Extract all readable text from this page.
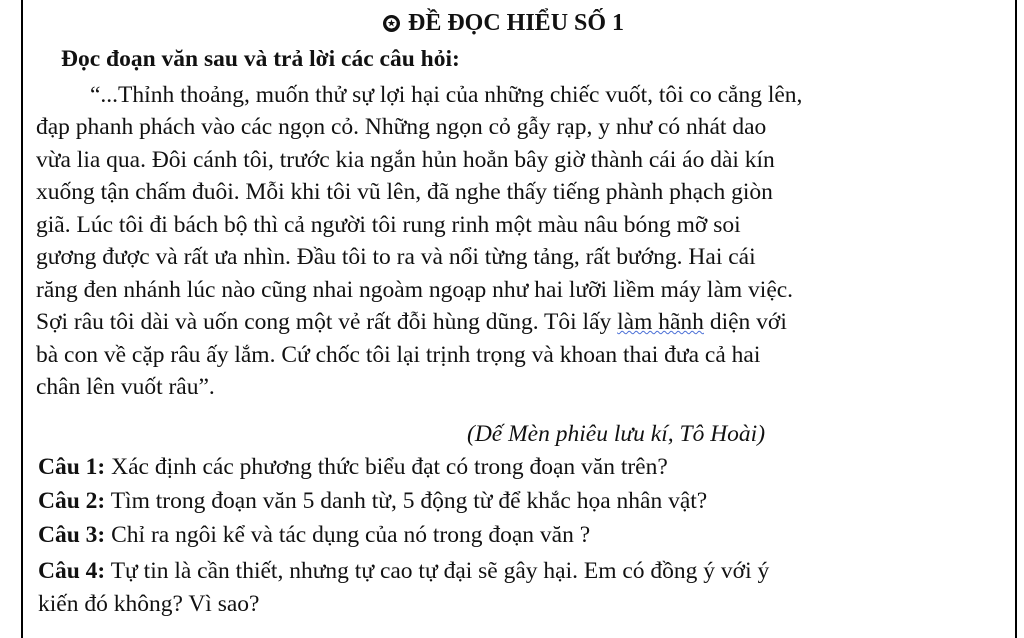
✪ ĐỀ ĐỌC HIỂU SỐ 1
Đọc đoạn văn sau và trả lời các câu hỏi:
“...Thỉnh thoảng, muốn thử sự lợi hại của những chiếc vuốt, tôi co cẳng lên,
đạp phanh phách vào các ngọn cỏ. Những ngọn cỏ gẫy rạp, y như có nhát dao
vừa lia qua. Đôi cánh tôi, trước kia ngắn hủn hoẳn bây giờ thành cái áo dài kín
xuống tận chấm đuôi. Mỗi khi tôi vũ lên, đã nghe thấy tiếng phành phạch giòn
giã. Lúc tôi đi bách bộ thì cả người tôi rung rinh một màu nâu bóng mỡ soi
gương được và rất ưa nhìn. Đầu tôi to ra và nổi từng tảng, rất bướng. Hai cái
răng đen nhánh lúc nào cũng nhai ngoàm ngoạp như hai lưỡi liềm máy làm việc.
Sợi râu tôi dài và uốn cong một vẻ rất đỗi hùng dũng. Tôi lấy làm hãnh diện với
bà con về cặp râu ấy lắm. Cứ chốc tôi lại trịnh trọng và khoan thai đưa cả hai
chân lên vuốt râu”.
(Dế Mèn phiêu lưu kí, Tô Hoài)
Câu 1: Xác định các phương thức biểu đạt có trong đoạn văn trên?
Câu 2: Tìm trong đoạn văn 5 danh từ, 5 động từ để khắc họa nhân vật?
Câu 3: Chỉ ra ngôi kể và tác dụng của nó trong đoạn văn ?
Câu 4: Tự tin là cần thiết, nhưng tự cao tự đại sẽ gây hại. Em có đồng ý với ý
kiến đó không? Vì sao?
